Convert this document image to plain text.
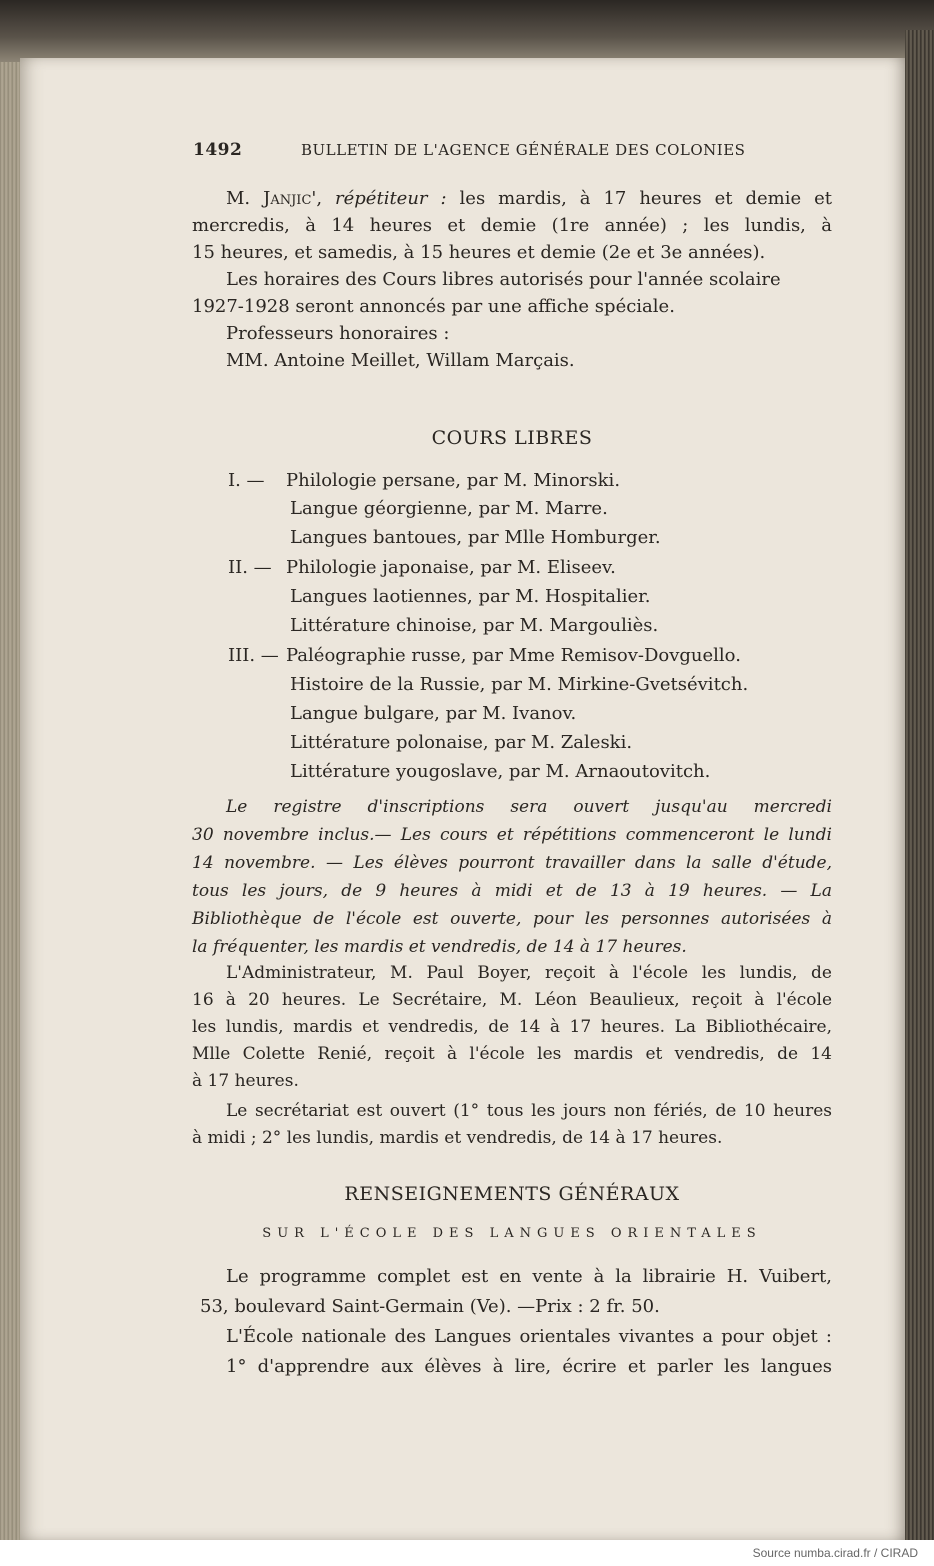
1492	BULLETIN DE L'AGENCE GÉNÉRALE DES COLONIES
M. Janjic', répétiteur : les mardis, à 17 heures et demie et
mercredis, à 14 heures et demie (1re année) ; les lundis, à
15 heures, et samedis, à 15 heures et demie (2e et 3e années).
Les horaires des Cours libres autorisés pour l'année scolaire
1927-1928 seront annoncés par une affiche spéciale.
Professeurs honoraires :
MM. Antoine Meillet, Willam Marçais.
COURS LIBRES
I. — Philologie persane, par M. Minorski.
Langue géorgienne, par M. Marre.
Langues bantoues, par Mlle Homburger.
II. — Philologie japonaise, par M. Eliseev.
Langues laotiennes, par M. Hospitalier.
Littérature chinoise, par M. Margouliès.
III. — Paléographie russe, par Mme Remisov-Dovguello.
Histoire de la Russie, par M. Mirkine-Gvetsévitch.
Langue bulgare, par M. Ivanov.
Littérature polonaise, par M. Zaleski.
Littérature yougoslave, par M. Arnaoutovitch.
Le registre d'inscriptions sera ouvert jusqu'au mercredi
30 novembre inclus.— Les cours et répétitions commenceront le lundi
14 novembre. — Les élèves pourront travailler dans la salle d'étude,
tous les jours, de 9 heures à midi et de 13 à 19 heures. — La
Bibliothèque de l'école est ouverte, pour les personnes autorisées à
la fréquenter, les mardis et vendredis, de 14 à 17 heures.
L'Administrateur, M. Paul Boyer, reçoit à l'école les lundis, de
16 à 20 heures. Le Secrétaire, M. Léon Beaulieux, reçoit à l'école
les lundis, mardis et vendredis, de 14 à 17 heures. La Bibliothécaire,
Mlle Colette Renié, reçoit à l'école les mardis et vendredis, de 14
à 17 heures.
Le secrétariat est ouvert (1° tous les jours non fériés, de 10 heures
à midi ; 2° les lundis, mardis et vendredis, de 14 à 17 heures.
RENSEIGNEMENTS GÉNÉRAUX
SUR L'ÉCOLE DES LANGUES ORIENTALES
Le programme complet est en vente à la librairie H. Vuibert,
53, boulevard Saint-Germain (Ve). —Prix : 2 fr. 50.
L'École nationale des Langues orientales vivantes a pour objet :
1° d'apprendre aux élèves à lire, écrire et parler les langues
Source numba.cirad.fr / CIRAD
